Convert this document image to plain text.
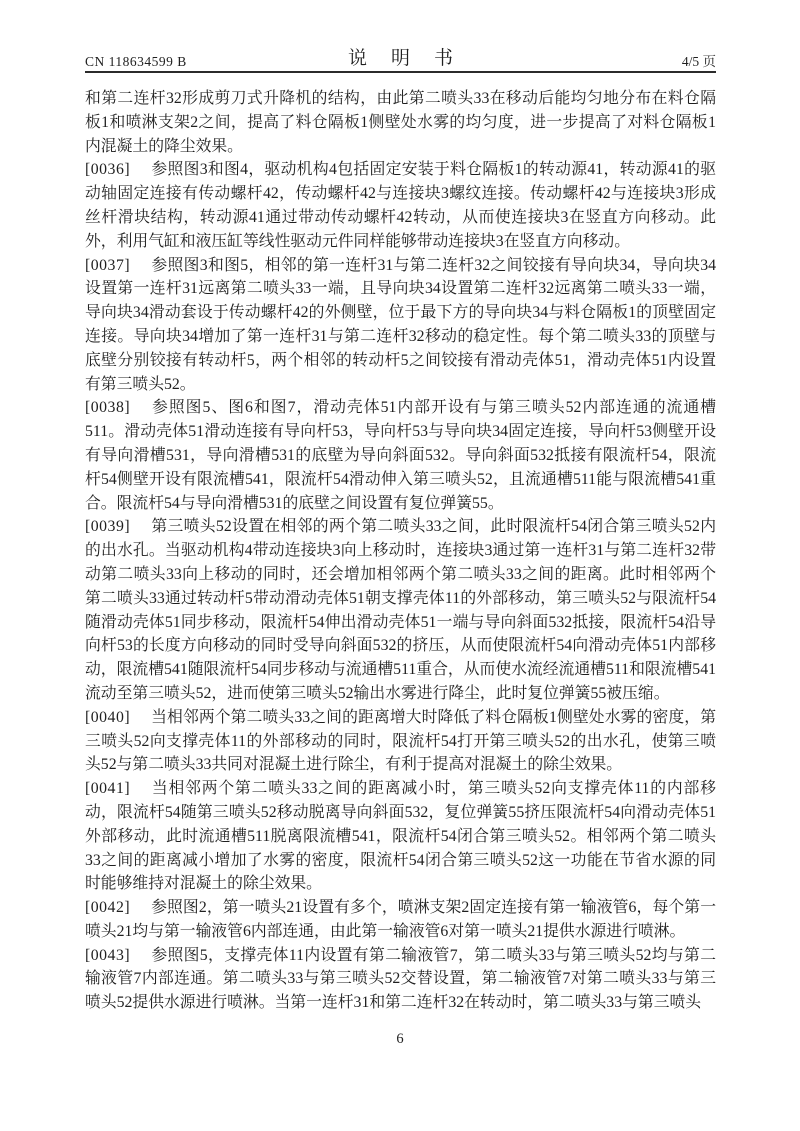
CN 118634599 B	说明书	4/5 页

和第二连杆32形成剪刀式升降机的结构，由此第二喷头33在移动后能均匀地分布在料仓隔板1和喷淋支架2之间，提高了料仓隔板1侧壁处水雾的均匀度，进一步提高了对料仓隔板1内混凝土的降尘效果。

[0036] 参照图3和图4，驱动机构4包括固定安装于料仓隔板1的转动源41，转动源41的驱动轴固定连接有传动螺杆42，传动螺杆42与连接块3螺纹连接。传动螺杆42与连接块3形成丝杆滑块结构，转动源41通过带动传动螺杆42转动，从而使连接块3在竖直方向移动。此外，利用气缸和液压缸等线性驱动元件同样能够带动连接块3在竖直方向移动。

[0037] 参照图3和图5，相邻的第一连杆31与第二连杆32之间铰接有导向块34，导向块34设置第一连杆31远离第二喷头33一端，且导向块34设置第二连杆32远离第二喷头33一端，导向块34滑动套设于传动螺杆42的外侧壁，位于最下方的导向块34与料仓隔板1的顶壁固定连接。导向块34增加了第一连杆31与第二连杆32移动的稳定性。每个第二喷头33的顶壁与底壁分别铰接有转动杆5，两个相邻的转动杆5之间铰接有滑动壳体51，滑动壳体51内设置有第三喷头52。

[0038] 参照图5、图6和图7，滑动壳体51内部开设有与第三喷头52内部连通的流通槽511。滑动壳体51滑动连接有导向杆53，导向杆53与导向块34固定连接，导向杆53侧壁开设有导向滑槽531，导向滑槽531的底壁为导向斜面532。导向斜面532抵接有限流杆54，限流杆54侧壁开设有限流槽541，限流杆54滑动伸入第三喷头52，且流通槽511能与限流槽541重合。限流杆54与导向滑槽531的底壁之间设置有复位弹簧55。

[0039] 第三喷头52设置在相邻的两个第二喷头33之间，此时限流杆54闭合第三喷头52内的出水孔。当驱动机构4带动连接块3向上移动时，连接块3通过第一连杆31与第二连杆32带动第二喷头33向上移动的同时，还会增加相邻两个第二喷头33之间的距离。此时相邻两个第二喷头33通过转动杆5带动滑动壳体51朝支撑壳体11的外部移动，第三喷头52与限流杆54随滑动壳体51同步移动，限流杆54伸出滑动壳体51一端与导向斜面532抵接，限流杆54沿导向杆53的长度方向移动的同时受导向斜面532的挤压，从而使限流杆54向滑动壳体51内部移动，限流槽541随限流杆54同步移动与流通槽511重合，从而使水流经流通槽511和限流槽541流动至第三喷头52，进而使第三喷头52输出水雾进行降尘，此时复位弹簧55被压缩。

[0040] 当相邻两个第二喷头33之间的距离增大时降低了料仓隔板1侧壁处水雾的密度，第三喷头52向支撑壳体11的外部移动的同时，限流杆54打开第三喷头52的出水孔，使第三喷头52与第二喷头33共同对混凝土进行除尘，有利于提高对混凝土的除尘效果。

[0041] 当相邻两个第二喷头33之间的距离减小时，第三喷头52向支撑壳体11的内部移动，限流杆54随第三喷头52移动脱离导向斜面532，复位弹簧55挤压限流杆54向滑动壳体51外部移动，此时流通槽511脱离限流槽541，限流杆54闭合第三喷头52。相邻两个第二喷头33之间的距离减小增加了水雾的密度，限流杆54闭合第三喷头52这一功能在节省水源的同时能够维持对混凝土的除尘效果。

[0042] 参照图2，第一喷头21设置有多个，喷淋支架2固定连接有第一输液管6，每个第一喷头21均与第一输液管6内部连通，由此第一输液管6对第一喷头21提供水源进行喷淋。

[0043] 参照图5，支撑壳体11内设置有第二输液管7，第二喷头33与第三喷头52均与第二输液管7内部连通。第二喷头33与第三喷头52交替设置，第二输液管7对第二喷头33与第三喷头52提供水源进行喷淋。当第一连杆31和第二连杆32在转动时，第二喷头33与第三喷头

6
